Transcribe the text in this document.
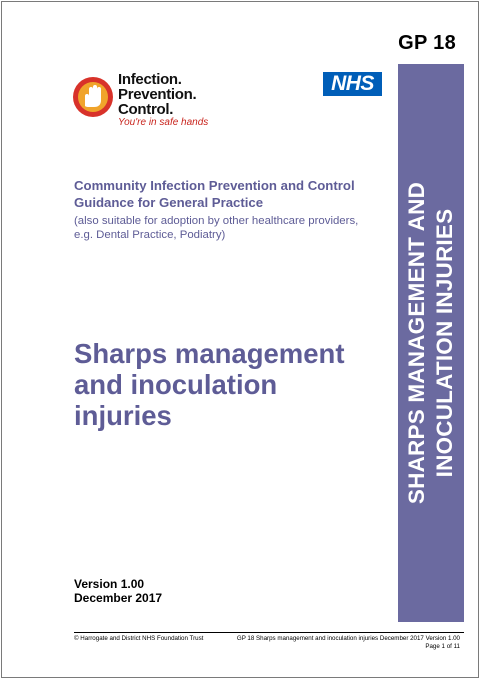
GP 18
Infection.
Prevention.
Control.
You're in safe hands
NHS
SHARPS MANAGEMENT AND INOCULATION INJURIES
Community Infection Prevention and Control
Guidance for General Practice
(also suitable for adoption by other healthcare providers,
e.g. Dental Practice, Podiatry)
Sharps management
and inoculation
injuries
Version 1.00
December 2017
© Harrogate and District NHS Foundation Trust	GP 18 Sharps management and inoculation injuries December 2017 Version 1.00
Page 1 of 11
